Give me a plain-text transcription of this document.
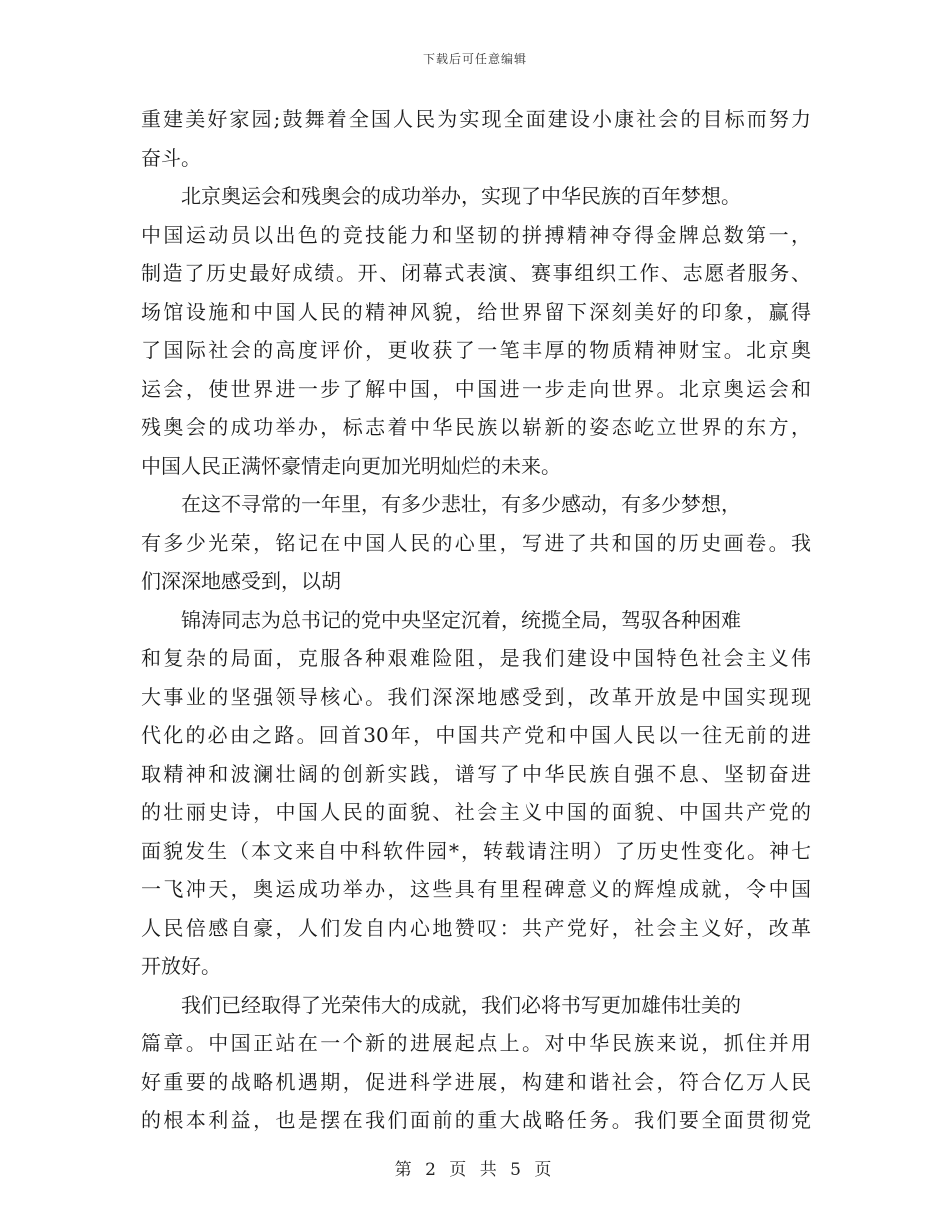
下载后可任意编辑
重建美好家园;鼓舞着全国人民为实现全面建设小康社会的目标而努力
奋斗。
北京奥运会和残奥会的成功举办，实现了中华民族的百年梦想。
中国运动员以出色的竞技能力和坚韧的拼搏精神夺得金牌总数第一，
制造了历史最好成绩。开、闭幕式表演、赛事组织工作、志愿者服务、
场馆设施和中国人民的精神风貌，给世界留下深刻美好的印象，赢得
了国际社会的高度评价，更收获了一笔丰厚的物质精神财宝。北京奥
运会，使世界进一步了解中国，中国进一步走向世界。北京奥运会和
残奥会的成功举办，标志着中华民族以崭新的姿态屹立世界的东方，
中国人民正满怀豪情走向更加光明灿烂的未来。
在这不寻常的一年里，有多少悲壮，有多少感动，有多少梦想，
有多少光荣，铭记在中国人民的心里，写进了共和国的历史画卷。我
们深深地感受到，以胡
锦涛同志为总书记的党中央坚定沉着，统揽全局，驾驭各种困难
和复杂的局面，克服各种艰难险阻，是我们建设中国特色社会主义伟
大事业的坚强领导核心。我们深深地感受到，改革开放是中国实现现
代化的必由之路。回首30年，中国共产党和中国人民以一往无前的进
取精神和波澜壮阔的创新实践，谱写了中华民族自强不息、坚韧奋进
的壮丽史诗，中国人民的面貌、社会主义中国的面貌、中国共产党的
面貌发生（本文来自中科软件园*，转载请注明）了历史性变化。神七
一飞冲天，奥运成功举办，这些具有里程碑意义的辉煌成就，令中国
人民倍感自豪，人们发自内心地赞叹：共产党好，社会主义好，改革
开放好。
我们已经取得了光荣伟大的成就，我们必将书写更加雄伟壮美的
篇章。中国正站在一个新的进展起点上。对中华民族来说，抓住并用
好重要的战略机遇期，促进科学进展，构建和谐社会，符合亿万人民
的根本利益，也是摆在我们面前的重大战略任务。我们要全面贯彻党
第 2 页 共 5 页
